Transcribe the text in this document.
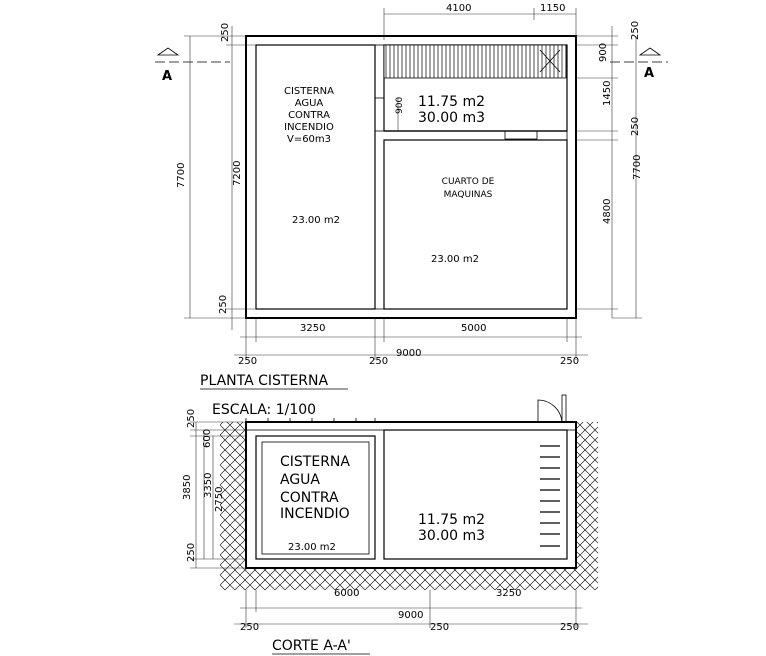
A	A
CISTERNA
AGUA
CONTRA
INCENDIO
V=60m3
23.00 m2
11.75 m2
30.00 m3
CUARTO DE
MAQUINAS
23.00 m2
4100	1150
250
7700	7200
250
250
900
1450
250
7700
4800
900
3250	5000
250	250
9000
250
PLANTA CISTERNA
ESCALA: 1/100
CISTERNA
AGUA
CONTRA
INCENDIO
23.00 m2
11.75 m2
30.00 m3
250
600
3850 3350
2750
250
6000	3250
9000
250	250	250
CORTE A-A'
